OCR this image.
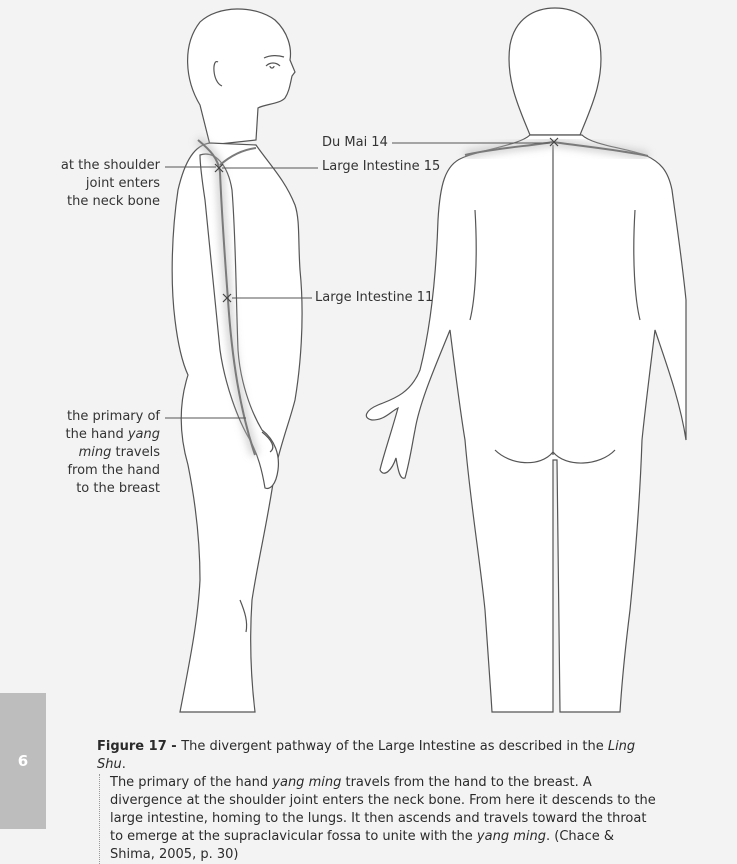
at the shoulder
joint enters
the neck bone
Du Mai 14
Large Intestine 15
Large Intestine 11
the primary of
the hand yang
ming travels
from the hand
to the breast
6
Figure 17 - The divergent pathway of the Large Intestine as described in the Ling Shu.
The primary of the hand yang ming travels from the hand to the breast. A divergence at the shoulder joint enters the neck bone. From here it descends to the large intestine, homing to the lungs. It then ascends and travels toward the throat to emerge at the supraclavicular fossa to unite with the yang ming. (Chace & Shima, 2005, p. 30)
